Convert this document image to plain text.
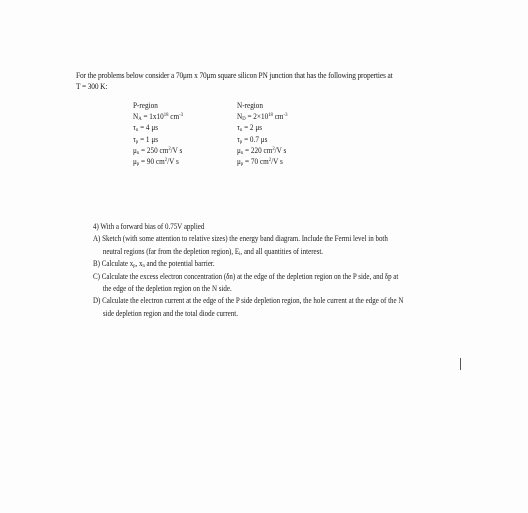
For the problems below consider a 70μm x 70μm square silicon PN junction that has the following properties at
T = 300 K:
P-region
$N_A = 1x10^{18}$ $cm^{-3}$
$\tau_n = 4$ μs
$\tau_p = 1$ μs
$\mu_n = 250$ $cm^2/V$ s
$\mu_p = 90$ $cm^2/V$ s
N-region
$N_D = 2\times 10^{18}$ $cm^{-3}$
$\tau_n = 2$ μs
$\tau_p = 0.7$ μs
$\mu_n = 220$ $cm^2/V$ s
$\mu_p = 70$ $cm^2/V$ s
4) With a forward bias of 0.75V applied
A) Sketch (with some attention to relative sizes) the energy band diagram. Include the Fermi level in both
neutral regions (far from the depletion region), $E_i$, and all quantities of interest.
B) Calculate $x_p$, $x_n$ and the potential barrier.
C) Calculate the excess electron concentration (δn) at the edge of the depletion region on the P side, and δp at
the edge of the depletion region on the N side.
D) Calculate the electron current at the edge of the P side depletion region, the hole current at the edge of the N
side depletion region and the total diode current.
